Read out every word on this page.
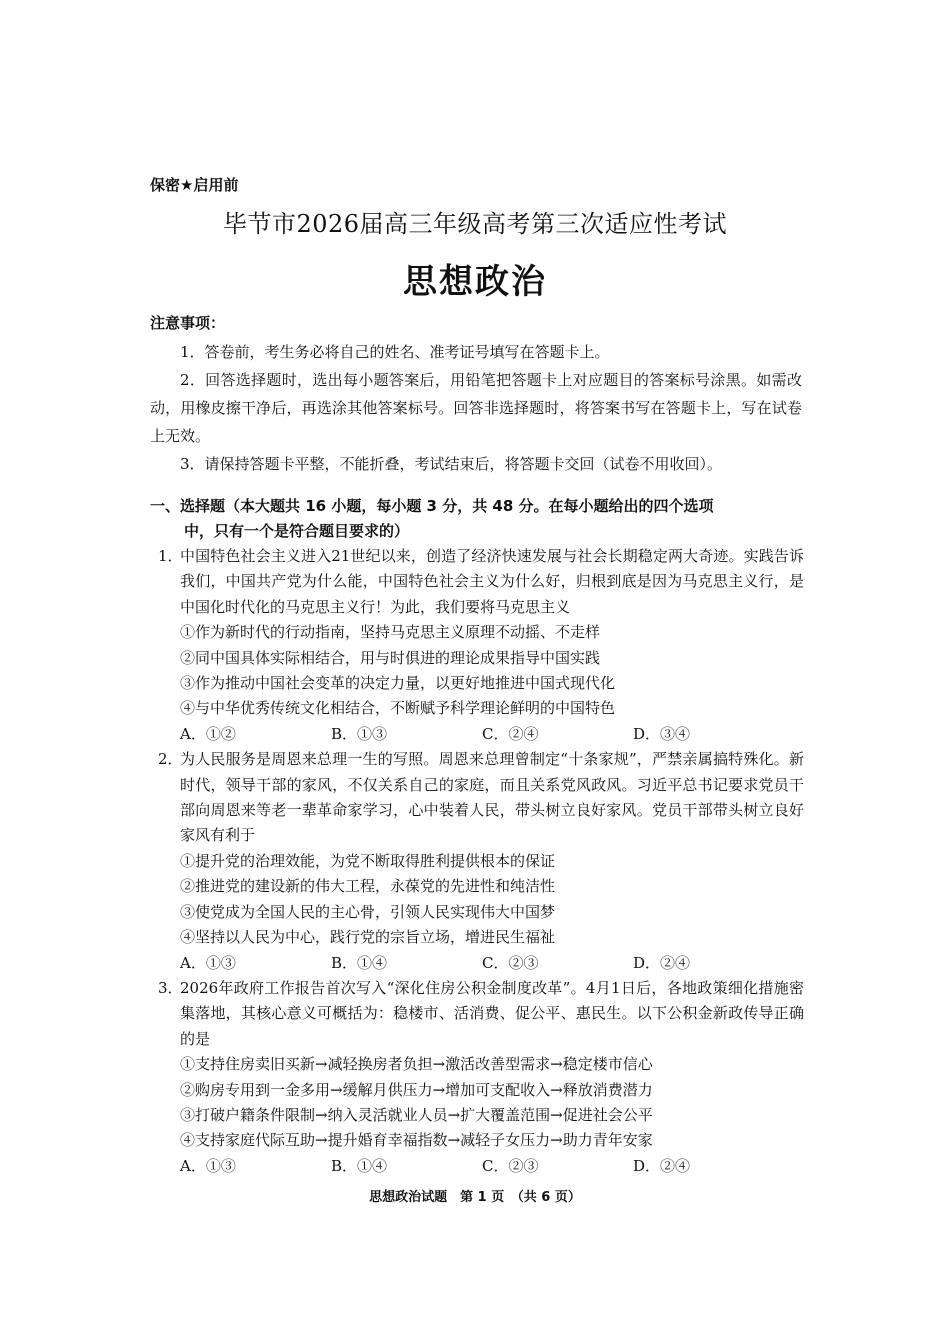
保密★启用前
毕节市2026届高三年级高考第三次适应性考试
思想政治
注意事项：

1．答卷前，考生务必将自己的姓名、准考证号填写在答题卡上。

2．回答选择题时，选出每小题答案后，用铅笔把答题卡上对应题目的答案标号涂黑。如需改动，用橡皮擦干净后，再选涂其他答案标号。回答非选择题时，将答案书写在答题卡上，写在试卷上无效。

3．请保持答题卡平整，不能折叠，考试结束后，将答题卡交回（试卷不用收回）。

一、选择题（本大题共 16 小题，每小题 3 分，共 48 分。在每小题给出的四个选项
中，只有一个是符合题目要求的）
1．
中国特色社会主义进入21世纪以来，创造了经济快速发展与社会长期稳定两大奇迹。实践告诉我们，中国共产党为什么能，中国特色社会主义为什么好，归根到底是因为马克思主义行，是中国化时代化的马克思主义行！为此，我们要将马克思主义
①作为新时代的行动指南，坚持马克思主义原理不动摇、不走样
②同中国具体实际相结合，用与时俱进的理论成果指导中国实践
③作为推动中国社会变革的决定力量，以更好地推进中国式现代化
④与中华优秀传统文化相结合，不断赋予科学理论鲜明的中国特色
A．①②	B．①③	C．②④	D．③④
2．
为人民服务是周恩来总理一生的写照。周恩来总理曾制定“十条家规”，严禁亲属搞特殊化。新时代，领导干部的家风，不仅关系自己的家庭，而且关系党风政风。习近平总书记要求党员干部向周恩来等老一辈革命家学习，心中装着人民，带头树立良好家风。党员干部带头树立良好家风有利于
①提升党的治理效能，为党不断取得胜利提供根本的保证
②推进党的建设新的伟大工程，永葆党的先进性和纯洁性
③使党成为全国人民的主心骨，引领人民实现伟大中国梦
④坚持以人民为中心，践行党的宗旨立场，增进民生福祉
A．①③	B．①④	C．②③	D．②④
3．
2026年政府工作报告首次写入“深化住房公积金制度改革”。4月1日后，各地政策细化措施密集落地，其核心意义可概括为：稳楼市、活消费、促公平、惠民生。以下公积金新政传导正确的是
①支持住房卖旧买新→减轻换房者负担→激活改善型需求→稳定楼市信心
②购房专用到一金多用→缓解月供压力→增加可支配收入→释放消费潜力
③打破户籍条件限制→纳入灵活就业人员→扩大覆盖范围→促进社会公平
④支持家庭代际互助→提升婚育幸福指数→减轻子女压力→助力青年安家
A．①③	B．①④	C．②③	D．②④
思想政治试题　第 1 页　（共 6 页）
